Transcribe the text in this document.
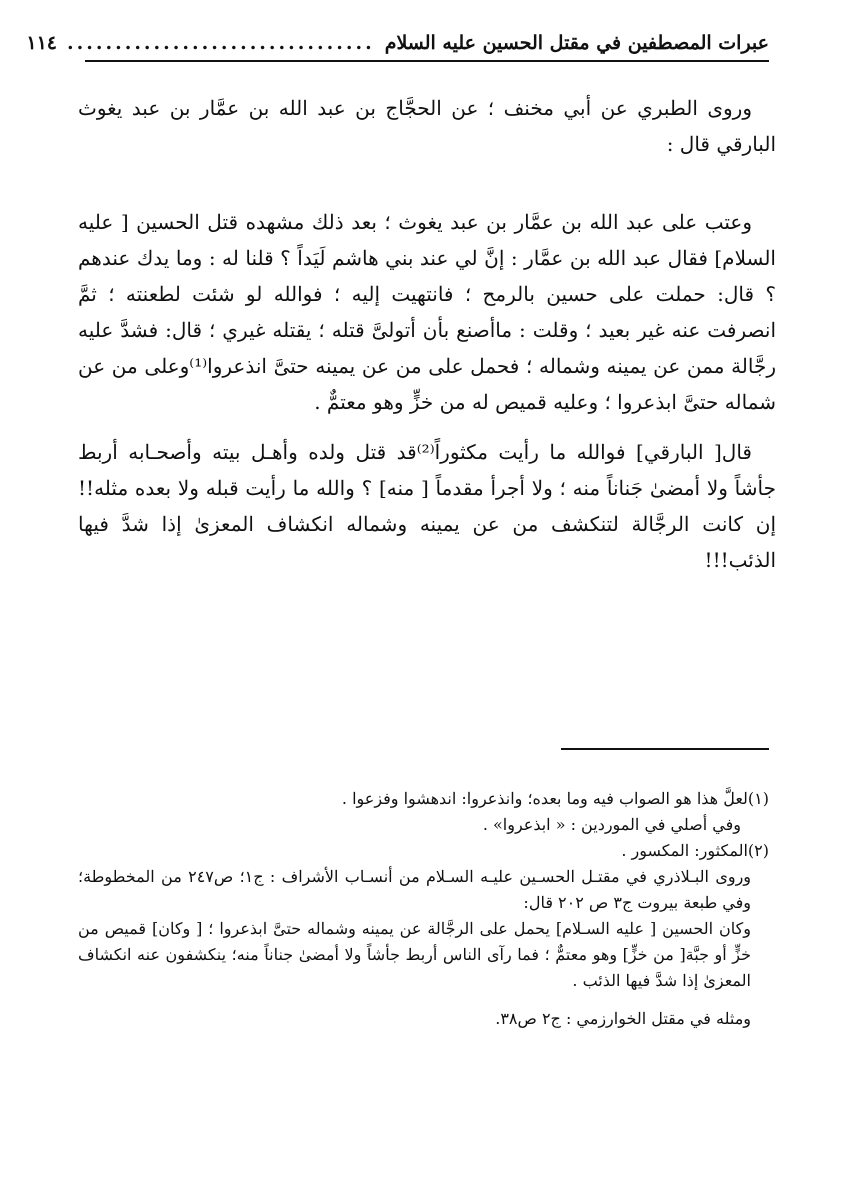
عبرات المصطفين في مقتل الحسين عليه السلام
................................
١١٤

وروى الطبري عن أبي مخنف ؛ عن الحجَّاج بن عبد الله بن عمَّار بن عبد يغوث البارقي قال :

وعتب على عبد الله بن عمَّار بن عبد يغوث ؛ بعد ذلك مشهده قتل الحسين [ عليه السلام] فقال عبد الله بن عمَّار : إنَّ لي عند بني هاشم لَيَداً ؟ قلنا له : وما يدك عندهم ؟ قال: حملت على حسين بالرمح ؛ فانتهيت إليه ؛ فوالله لو شئت لطعنته ؛ ثمَّ انصرفت عنه غير بعيد ؛ وقلت : ماأصنع بأن أتولىَّ قتله ؛ يقتله غيري ؛ قال: فشدَّ عليه رجَّالة ممن عن يمينه وشماله ؛ فحمل على من عن يمينه حتىَّ انذعروا⁽¹⁾وعلى من عن شماله حتىَّ ابذعروا ؛ وعليه قميص له من خزٍّ وهو معتمٌّ .

قال[ البارقي] فوالله ما رأيت مكثوراً⁽²⁾قد قتل ولده وأهـل بيته وأصحـابه أربط جأشاً ولا أمضىٰ جَناناً منه ؛ ولا أجرأ مقدماً [ منه] ؟ والله ما رأيت قبله ولا بعده مثله!! إن كانت الرجَّالة لتنكشف من عن يمينه وشماله انكشاف المعزىٰ إذا شدَّ فيها الذئب!!!

(١)لعلَّ هذا هو الصواب فيه وما بعده؛ وانذعروا: اندهشوا وفزعوا .

وفي أصلي في الموردين : « ابذعروا» .

(٢)المكثور: المكسور .

وروى البـلاذري في مقتـل الحسـين عليـه السـلام من أنسـاب الأشراف : ج١؛ ص٢٤٧ من المخطوطة؛ وفي طبعة بيروت ج٣ ص ٢٠٢ قال:

وكان الحسين [ عليه السـلام] يحمل على الرجَّالة عن يمينه وشماله حتىَّ ابذعروا ؛ [ وكان] قميص من خزٍّ أو جبَّة[ من خزٍّ] وهو معتمٌّ ؛ فما رآى الناس أربط جأشاً ولا أمضىٰ جناناً منه؛ ينكشفون عنه انكشاف المعزىٰ إذا شدَّ فيها الذئب .

ومثله في مقتل الخوارزمي : ج٢ ص٣٨.
